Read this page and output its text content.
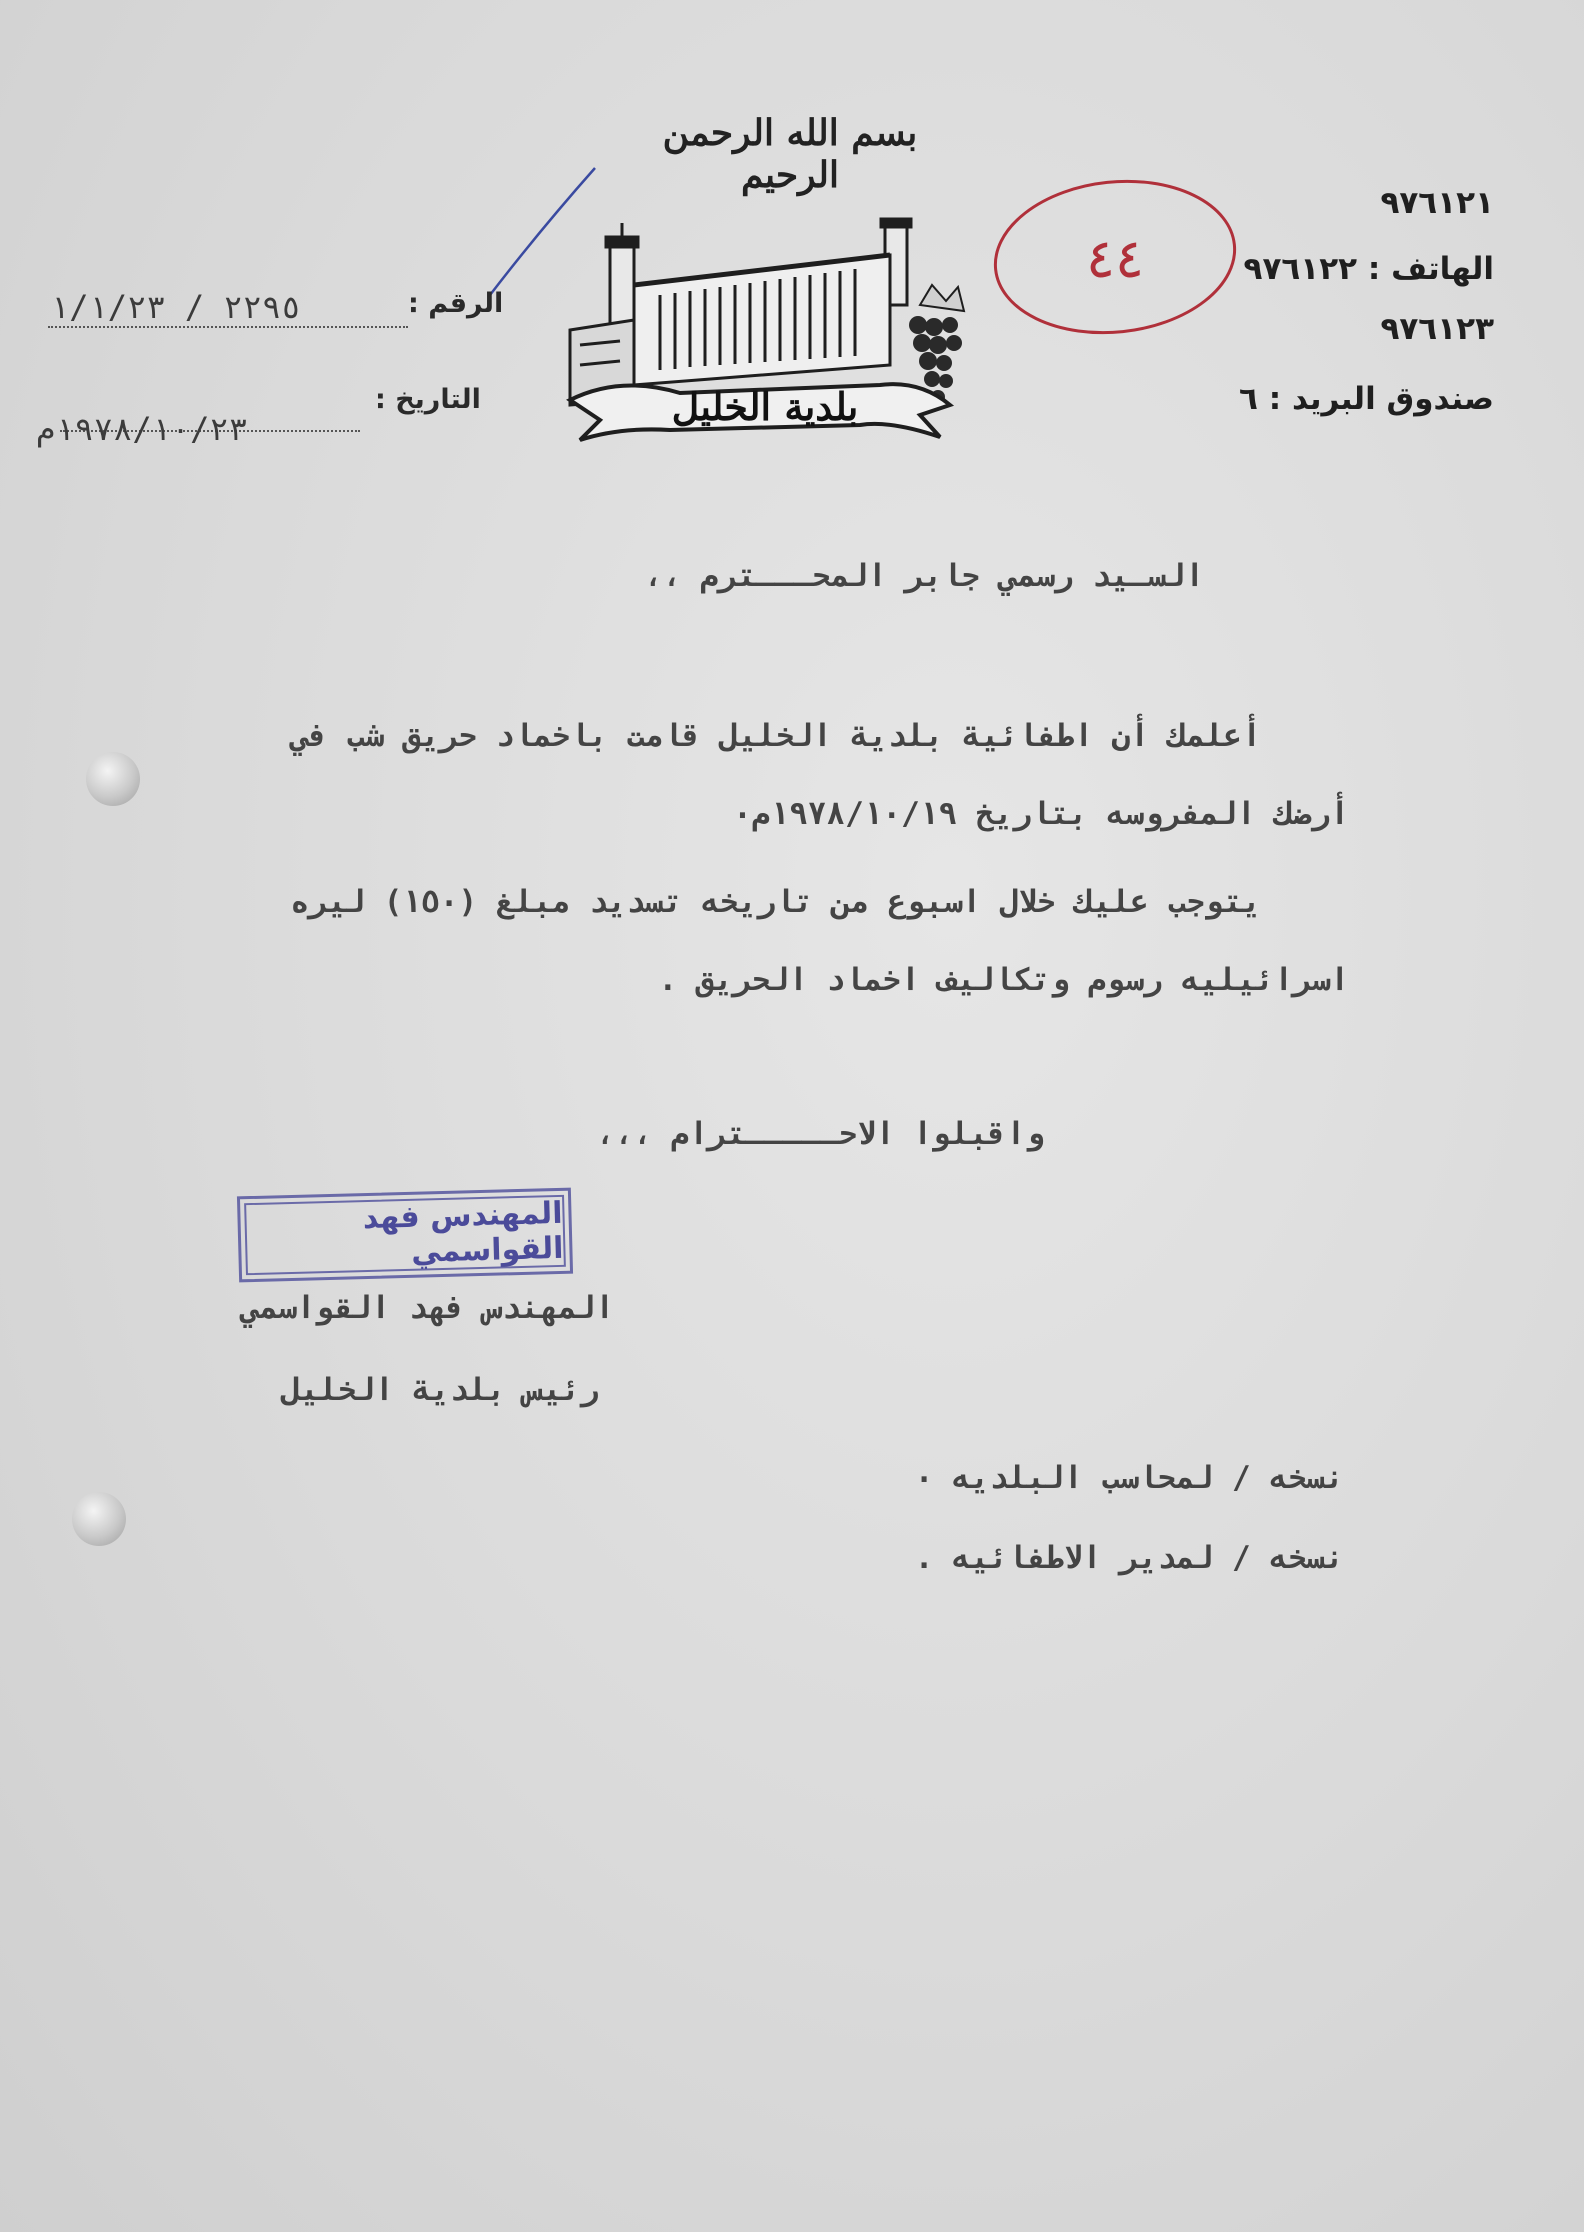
٩٧٦١٢١
الهاتف : ٩٧٦١٢٢
٩٧٦١٢٣
صندوق البريد : ٦
٤٤
بسم الله الرحمن الرحيم
بلدية الخليل
الرقم :
٢٢٩٥ / ١/١/٢٣
التاريخ :
١٩٧٨/١٠/٢٣م
السـيد رسمي جابر المحـــترم ،،
أعلمك أن اطفائية بلدية الخليل قامت باخماد حريق شب في
أرضك المفروسه بتاريخ ١٩٧٨/١٠/١٩م٠
يتوجب عليك خلال اسبوع من تاريخه تسديد مبلغ (١٥٠) ليره
اسرائيليه رسوم وتكاليف اخماد الحريق .
واقبلوا الاحـــــترام ،،،
المهندس فهد القواسمي
المهندس فهد القواسمي
رئيس بلدية الخليل
نسخه / لمحاسب البلديه ٠
نسخه / لمدير الاطفائيه .
